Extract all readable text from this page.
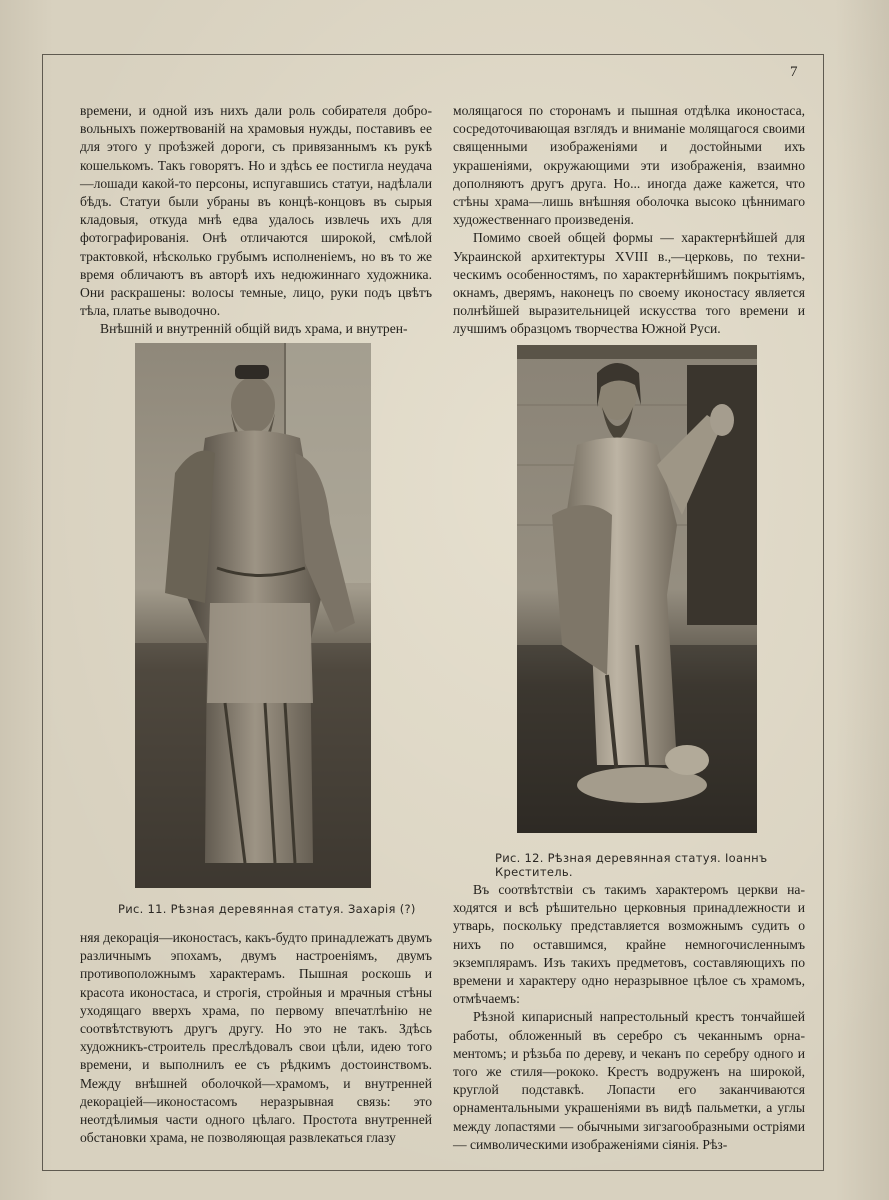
7

времени, и одной изъ нихъ дали роль собирателя добровольныхъ пожертвованій на храмовыя нужды, поставивъ ее для этого у проѣзжей дороги, съ привязаннымъ къ рукѣ кошелькомъ. Такъ говорятъ. Но и здѣсь ее постигла неудача—лошади какой-то персоны, испугавшись статуи, надѣлали бѣдъ. Статуи были убраны въ концѣ-концовъ въ сырыя кладовыя, откуда мнѣ едва удалось извлечь ихъ для фотографированія. Онѣ отличаются широкой, смѣлой трактовкой, нѣсколько грубымъ исполненіемъ, но въ то же время обличаютъ въ авторѣ ихъ недюжиннаго художника. Они раскрашены: волосы темные, лицо, руки подъ цвѣтъ тѣла, платье выводочно.

Внѣшній и внутренній общій видъ храма, и внутрен-

молящагося по сторонамъ и пышная отдѣлка иконостаса, сосредоточивающая взглядъ и вниманіе молящагося своими священными изображеніями и достойными ихъ украшеніями, окружающими эти изображенія, взаимно дополняютъ другъ друга. Но... иногда даже кажется, что стѣны храма—лишь внѣшняя оболочка высоко цѣннимаго художественнаго произведенія.

Помимо своей общей формы — характернѣйшей для Украинской архитектуры XVIII в.,—церковь, по техническимъ особенностямъ, по характернѣйшимъ покрытіямъ, окнамъ, дверямъ, наконецъ по своему иконостасу является полнѣйшей выразительницей искусства того времени и лучшимъ образцомъ творчества Южной Руси.

Рис. 11. Рѣзная деревянная статуя. Захарія (?)
Рис. 12. Рѣзная деревянная статуя. Іоаннъ Креститель.

няя декорація—иконостасъ, какъ-будто принадлежатъ двумъ различнымъ эпохамъ, двумъ настроеніямъ, двумъ противоположнымъ характерамъ. Пышная роскошь и красота иконостаса, и строгія, стройныя и мрачныя стѣны уходящаго вверхъ храма, по первому впечатлѣнію не соотвѣтствуютъ другъ другу. Но это не такъ. Здѣсь художникъ-строитель преслѣдовалъ свои цѣли, идею того времени, и выполнилъ ее съ рѣдкимъ достоинствомъ. Между внѣшней оболочкой—храмомъ, и внутренней декораціей—иконостасомъ неразрывная связь: это неотдѣлимыя части одного цѣлаго. Простота внутренней обстановки храма, не позволяющая развлекаться глазу

Въ соотвѣтствіи съ такимъ характеромъ церкви находятся и всѣ рѣшительно церковныя принадлежности и утварь, поскольку представляется возможнымъ судить о нихъ по оставшимся, крайне немногочисленнымъ экземплярамъ. Изъ такихъ предметовъ, составляющихъ по времени и характеру одно неразрывное цѣлое съ храмомъ, отмѣчаемъ:

Рѣзной кипарисный напрестольный крестъ тончайшей работы, обложенный въ серебро съ чеканнымъ орнаментомъ; и рѣзьба по дереву, и чеканъ по серебру одного и того же стиля—рококо. Крестъ водруженъ на широкой, круглой подставкѣ. Лопасти его заканчиваются орнаментальными украшеніями въ видѣ пальметки, а углы между лопастями — обычными зигзагообразными остріями — символическими изображеніями сіянія. Рѣз-
